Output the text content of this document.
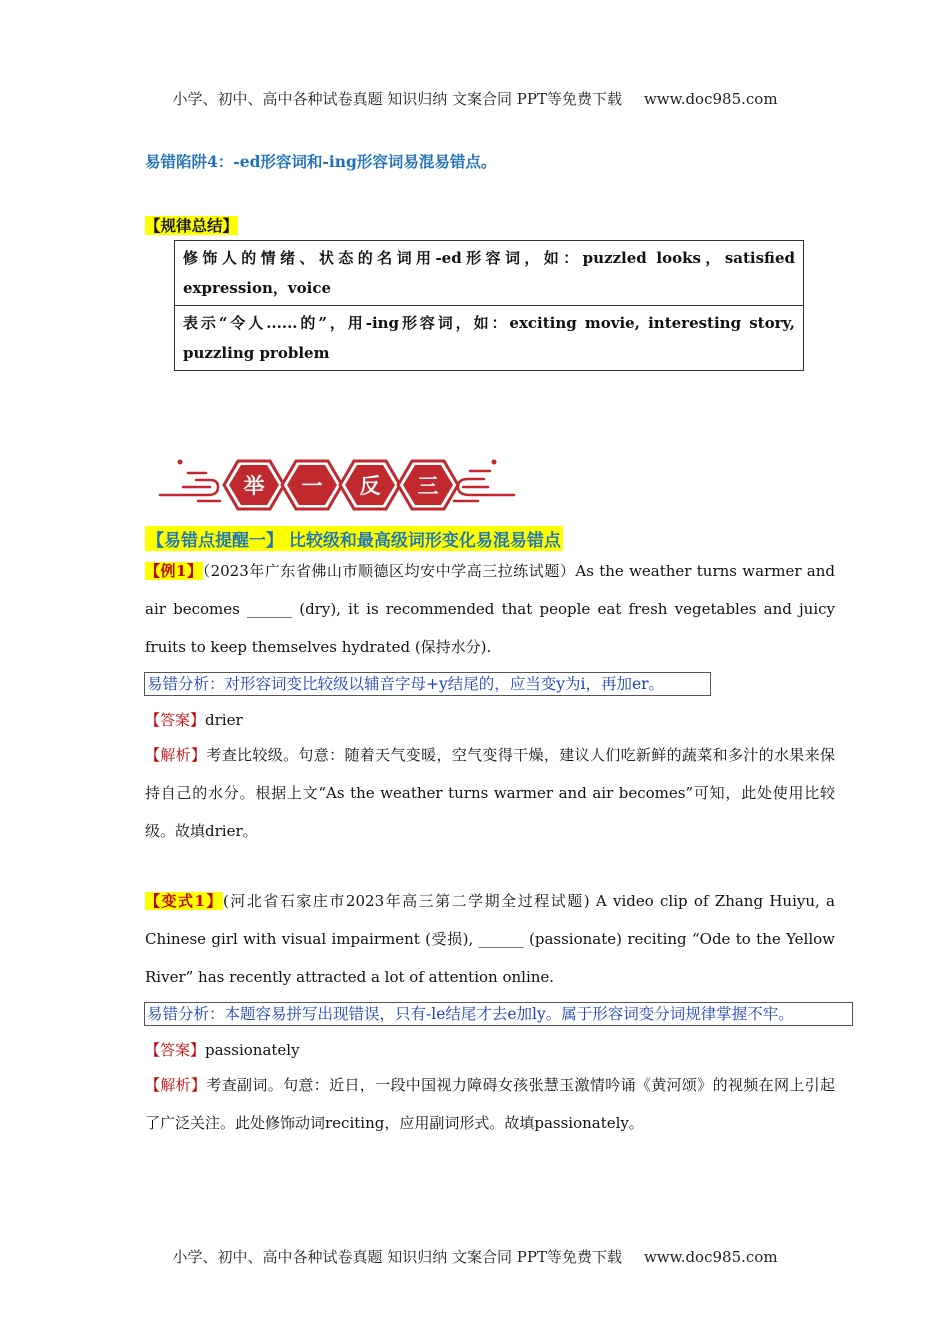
小学、初中、高中各种试卷真题 知识归纳 文案合同 PPT等免费下载 www.doc985.com
易错陷阱4：-ed形容词和-ing形容词易混易错点。
【规律总结】
修饰人的情绪、状态的名词用-ed形容词，如：puzzled looks，satisfied expression，voice
表示“令人......的”，用-ing形容词，如：exciting movie, interesting story, puzzling problem
举 一 反 三
【易错点提醒一】 比较级和最高级词形变化易混易错点
【例1】（2023年广东省佛山市顺德区均安中学高三拉练试题）As the weather turns warmer and air becomes ______ (dry), it is recommended that people eat fresh vegetables and juicy fruits to keep themselves hydrated (保持水分).
易错分析：对形容词变比较级以辅音字母+y结尾的，应当变y为i，再加er。
【答案】drier
【解析】考查比较级。句意：随着天气变暖，空气变得干燥，建议人们吃新鲜的蔬菜和多汁的水果来保持自己的水分。根据上文“As the weather turns warmer and air becomes”可知，此处使用比较级。故填drier。
【变式1】(河北省石家庄市2023年高三第二学期全过程试题) A video clip of Zhang Huiyu, a Chinese girl with visual impairment (受损), ______ (passionate) reciting “Ode to the Yellow River” has recently attracted a lot of attention online.
易错分析：本题容易拼写出现错误，只有-le结尾才去e加ly。属于形容词变分词规律掌握不牢。
【答案】passionately
【解析】考查副词。句意：近日，一段中国视力障碍女孩张慧玉激情吟诵《黄河颂》的视频在网上引起了广泛关注。此处修饰动词reciting，应用副词形式。故填passionately。
小学、初中、高中各种试卷真题 知识归纳 文案合同 PPT等免费下载 www.doc985.com
